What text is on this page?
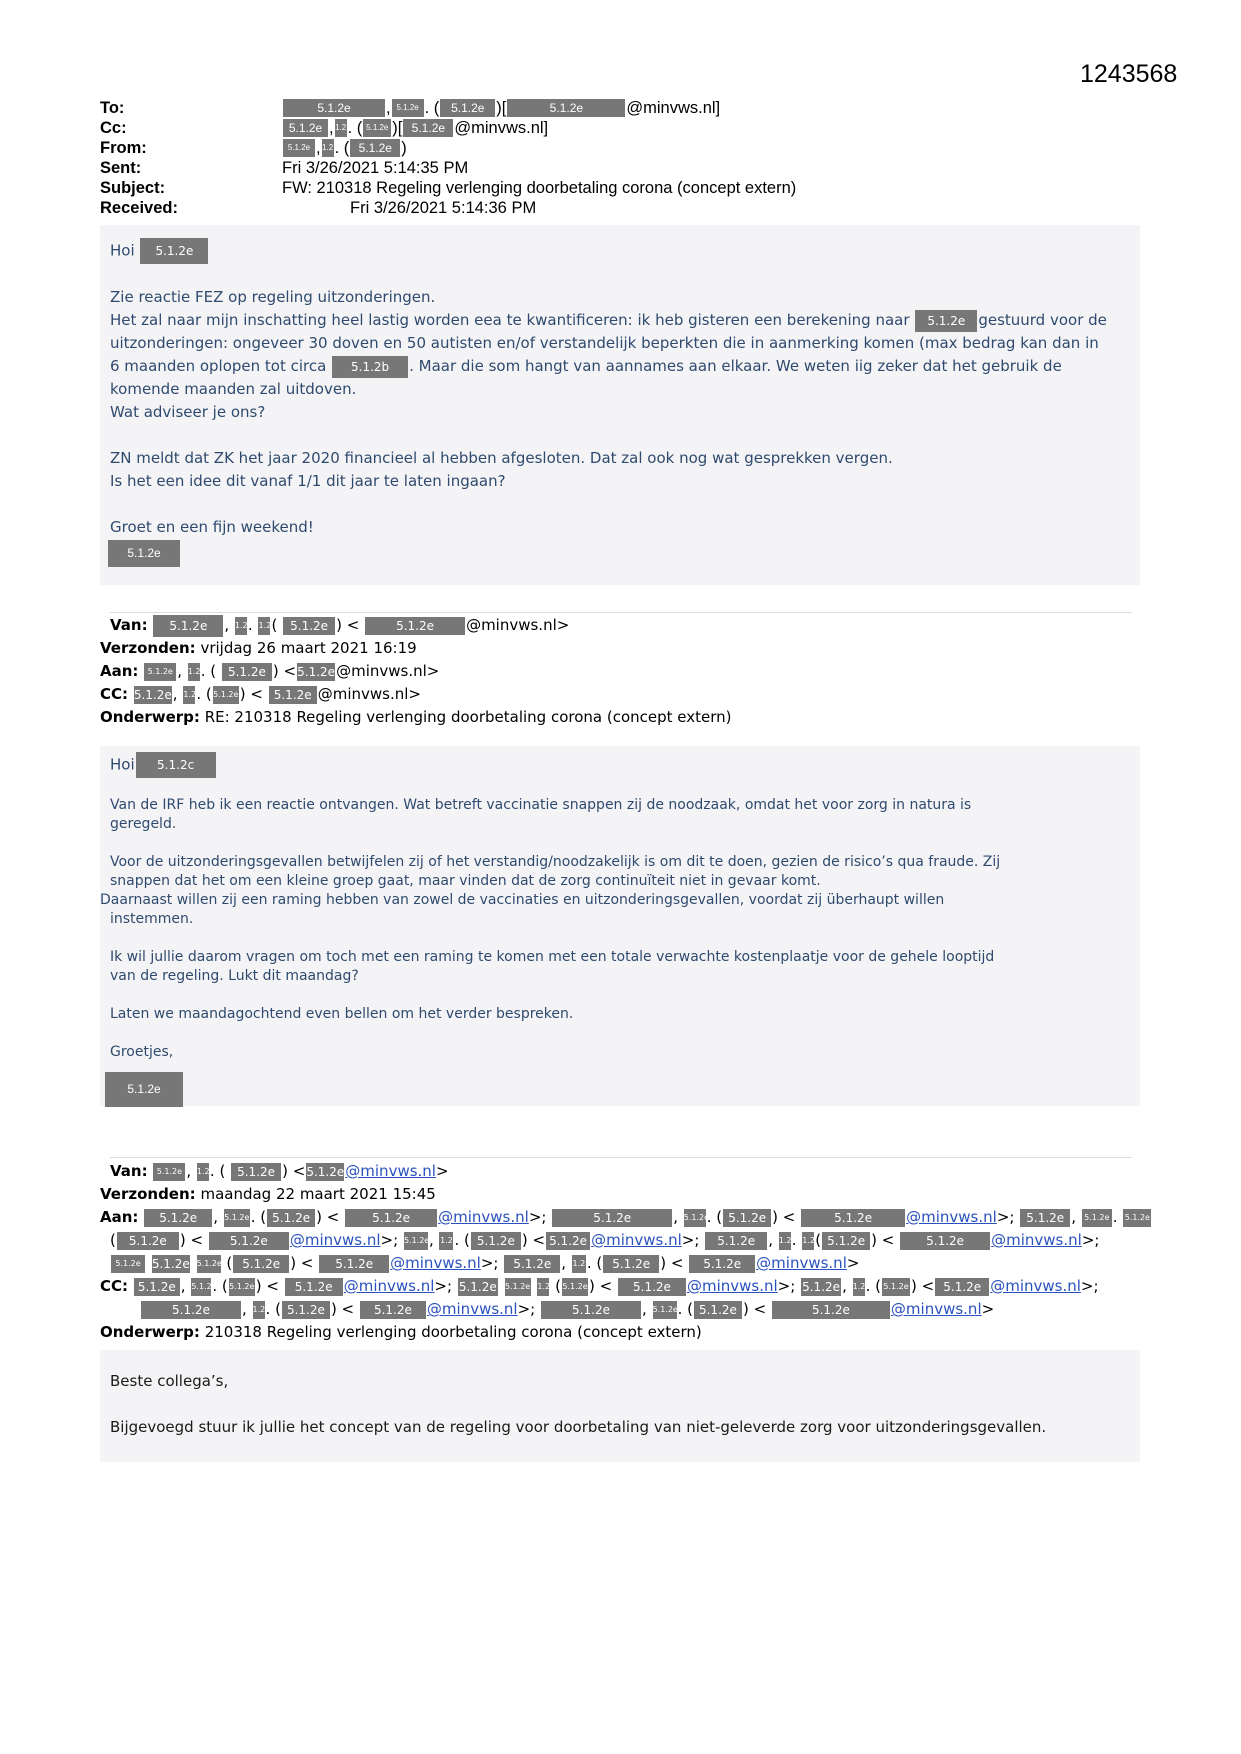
1243568
To:	5.1.2e	, 5.1.2e . ( 5.1.2e )[	5.1.2e	@minvws.nl]
Cc:	5.1.2e , 1.2 . ( 5.1.2e )[ 5.1.2e @minvws.nl]
From:	5.1.2e , 1.2 . ( 5.1.2e )
Sent:	Fri 3/26/2021 5:14:35 PM
Subject:	FW: 210318 Regeling verlenging doorbetaling corona (concept extern)
Received:	Fri 3/26/2021 5:14:36 PM
Hoi 5.1.2e
Zie reactie FEZ op regeling uitzonderingen.
Het zal naar mijn inschatting heel lastig worden eea te kwantificeren: ik heb gisteren een berekening naar 5.1.2e gestuurd voor de
uitzonderingen: ongeveer 30 doven en 50 autisten en/of verstandelijk beperkten die in aanmerking komen (max bedrag kan dan in
6 maanden oplopen tot circa 5.1.2b . Maar die som hangt van aannames aan elkaar. We weten iig zeker dat het gebruik de
komende maanden zal uitdoven.
Wat adviseer je ons?
ZN meldt dat ZK het jaar 2020 financieel al hebben afgesloten. Dat zal ook nog wat gesprekken vergen.
Is het een idee dit vanaf 1/1 dit jaar te laten ingaan?
Groet en een fijn weekend!
5.1.2e
Van: 5.1.2e , 1.2. 1.2( 5.1.2e ) <	5.1.2e @minvws.nl>
Verzonden: vrijdag 26 maart 2021 16:19
Aan: 5.1.2e , 1.2. ( 5.1.2e ) <5.1.2e@minvws.nl>
CC: 5.1.2e, 1.2. (5.1.2e) < 5.1.2e @minvws.nl>
Onderwerp: RE: 210318 Regeling verlenging doorbetaling corona (concept extern)
Hoi 5.1.2c
Van de IRF heb ik een reactie ontvangen. Wat betreft vaccinatie snappen zij de noodzaak, omdat het voor zorg in natura is
geregeld.
Voor de uitzonderingsgevallen betwijfelen zij of het verstandig/noodzakelijk is om dit te doen, gezien de risico’s qua fraude. Zij
snappen dat het om een kleine groep gaat, maar vinden dat de zorg continuïteit niet in gevaar komt.
Daarnaast willen zij een raming hebben van zowel de vaccinaties en uitzonderingsgevallen, voordat zij überhaupt willen
instemmen.
Ik wil jullie daarom vragen om toch met een raming te komen met een totale verwachte kostenplaatje voor de gehele looptijd
van de regeling. Lukt dit maandag?
Laten we maandagochtend even bellen om het verder bespreken.
Groetjes,
5.1.2e
Van: 5.1.2e , 1.2. ( 5.1.2e ) <5.1.2e@minvws.nl>
Verzonden: maandag 22 maart 2021 15:45
Aan: 5.1.2e , 5.1.2e. ( 5.1.2e ) < 5.1.2e @minvws.nl>;	5.1.2e	, 5.1.2e. ( 5.1.2e ) <	5.1.2e @minvws.nl>; 5.1.2e , 5.1.2e . 5.1.2e
( 5.1.2e ) < 5.1.2e @minvws.nl>; 5.1.2e, 1.2 . ( 5.1.2e ) < 5.1.2e @minvws.nl>; 5.1.2e , 1.2. 1.2( 5.1.2e ) < 5.1.2e @minvws.nl>;
5.1.2e 5.1.2e 5.1.2e ( 5.1.2e ) < 5.1.2e @minvws.nl>; 5.1.2e , 1.2 . ( 5.1.2e ) < 5.1.2e @minvws.nl>
CC: 5.1.2e , 5.1.2e. (5.1.2e) < 5.1.2e @minvws.nl>; 5.1.2e 5.1.2e 1.2 (5.1.2e) < 5.1.2e @minvws.nl>; 5.1.2e , 1.2. ( 5.1.2e ) < 5.1.2e @minvws.nl>;
5.1.2e , 1.2. ( 5.1.2e ) < 5.1.2e @minvws.nl>;	5.1.2e , 5.1.2e. ( 5.1.2e ) <	5.1.2e	@minvws.nl>
Onderwerp: 210318 Regeling verlenging doorbetaling corona (concept extern)
Beste collega’s,
Bijgevoegd stuur ik jullie het concept van de regeling voor doorbetaling van niet-geleverde zorg voor uitzonderingsgevallen.
